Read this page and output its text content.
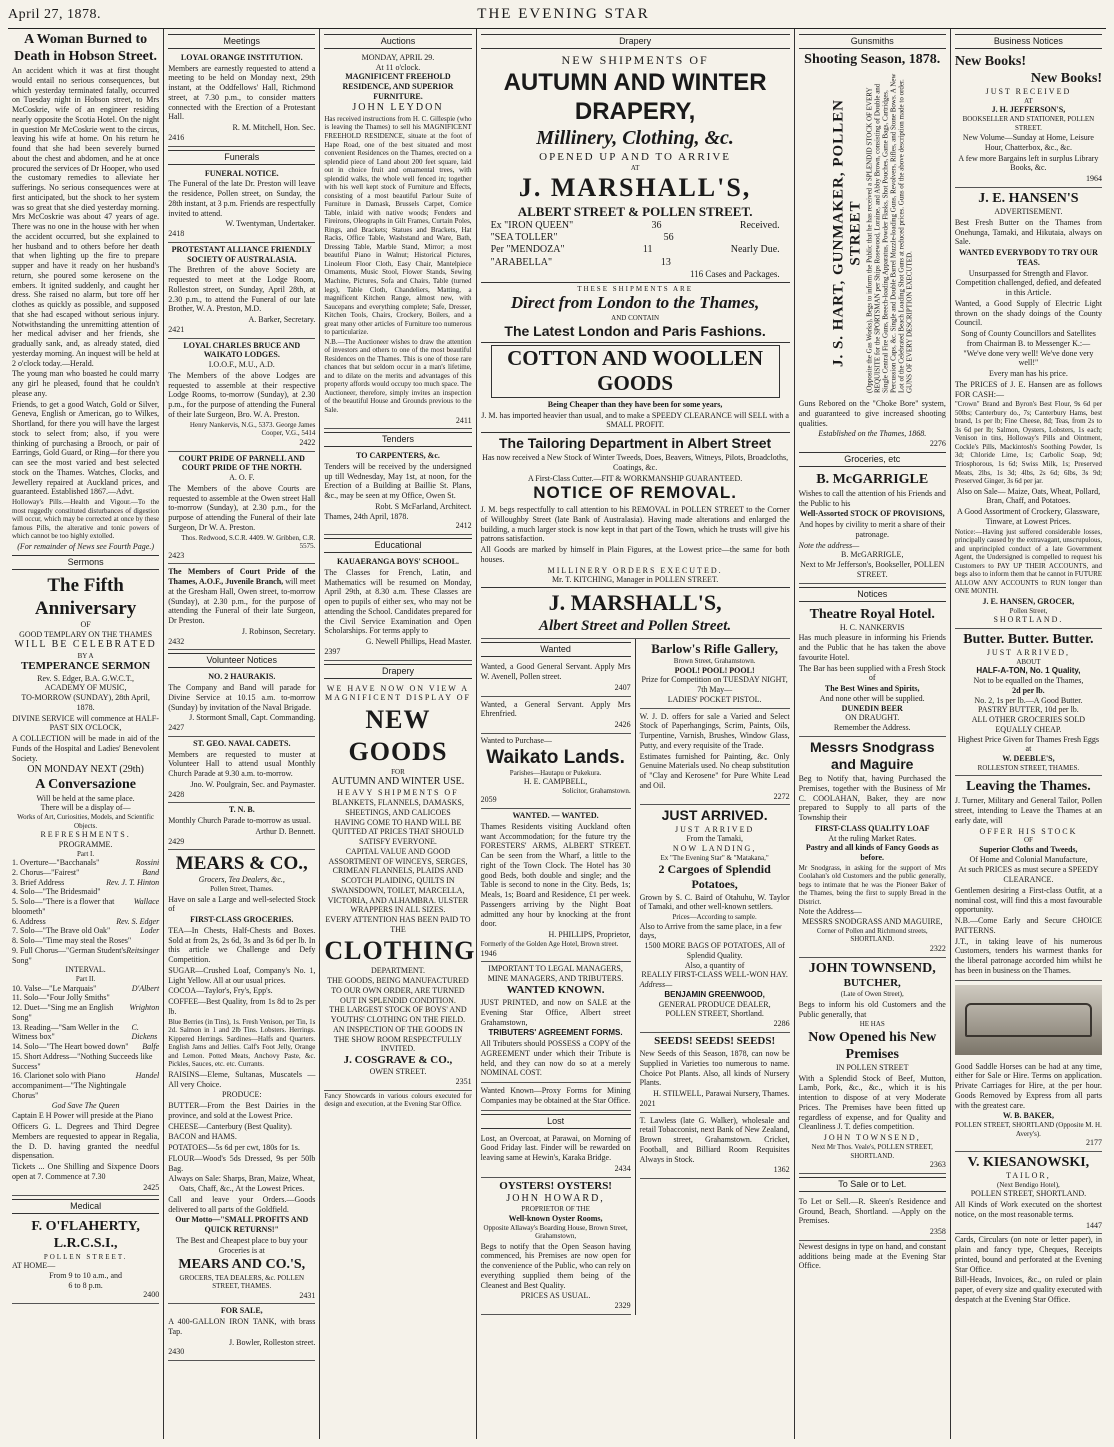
April 27, 1878.	THE EVENING STAR
A Woman Burned to Death in Hobson Street.

An accident which it was at first thought would entail no serious consequences, but which yesterday terminated fatally, occurred on Tuesday night in Hobson street, to Mrs McCoskrie, wife of an engineer residing nearly opposite the Scotia Hotel. On the night in question Mr McCoskrie went to the circus, leaving his wife at home. On his return he found that she had been severely burned about the chest and abdomen, and he at once procured the services of Dr Hooper, who used the customary remedies to alleviate her sufferings. No serious consequences were at first anticipated, but the shock to her system was so great that she died yesterday morning. Mrs McCoskrie was about 47 years of age. There was no one in the house with her when the accident occurred, but she explained to her husband and to others before her death that when lighting up the fire to prepare supper and have it ready on her husband's return, she poured some kerosene on the embers. It ignited suddenly, and caught her dress. She raised no alarm, but tore off her clothes as quickly as possible, and supposed that she had escaped without serious injury. Notwithstanding the unremitting attention of her medical adviser and her friends, she gradually sank, and, as already stated, died yesterday morning. An inquest will be held at 2 o'clock today.—Herald.

The young man who boasted he could marry any girl he pleased, found that he couldn't please any.

Friends, to get a good Watch, Gold or Silver, Geneva, English or American, go to Wilkes, Shortland, for there you will have the largest stock to select from; also, if you were thinking of purchasing a Brooch, or pair of Earrings, Gold Guard, or Ring—for there you can see the most varied and best selected stock on the Thames. Watches, Clocks, and Jewellery repaired at Auckland prices, and guaranteed. Established 1867.—Advt.

Holloway's Pills.—Health and Vigour.—To the most ruggedly constituted disturbances of digestion will occur, which may be corrected at once by these famous Pills, the alterative and tonic powers of which cannot be too highly extolled.

(For remainder of News see Fourth Page.)
Sermons
The Fifth Anniversary
OF
GOOD TEMPLARY ON THE THAMES
WILL BE CELEBRATED
BY A
TEMPERANCE SERMON
Rev. S. Edger, B.A. G.W.C.T.,
ACADEMY OF MUSIC,
TO-MORROW (SUNDAY), 28th April, 1878.

DIVINE SERVICE will commence at HALF-PAST SIX O'CLOCK,

A COLLECTION will be made in aid of the Funds of the Hospital and Ladies' Benevolent Society.

ON MONDAY NEXT (29th)
A Conversazione
Will be held at the same place.
There will be a display of—
Works of Art, Curiosities, Models, and Scientific Objects.
REFRESHMENTS.
PROGRAMME.
Part I.
1. Overture—"Bacchanals"	Rossini
2. Chorus—"Fairest"	Band
3. Brief Address	Rev. J. T. Hinton
4. Solo—"The Bridesmaid"
5. Solo—"There is a flower that bloometh"
Wallace
6. Address	Rev. S. Edger
7. Solo—"The Brave old Oak"	Loder
8. Solo—"Time may steal the Roses"
9. Full Chorus—"German Student's Song"
Reitsinger
INTERVAL.
Part II.
10. Valse—"Le Marquais"	D'Albert
11. Solo—"Four Jolly Smiths"
12. Duet—"Sing me an English Song"
Wrighton
13. Reading—"Sam Weller in the Witness box"
C. Dickens
14. Solo—"The Heart bowed down" Balfe
15. Short Address—"Nothing Succeeds like Success"
16. Clarionet solo with Piano accompaniment—"The Nightingale Chorus"
Handel
God Save The Queen

Captain E H Power will preside at the Piano

Officers G. L. Degrees and Third Degree Members are requested to appear in Regalia, the D. D. having granted the needful dispensation.

Tickets ... One Shilling and Sixpence Doors open at 7. Commence at 7.30

2425
Medical
F. O'FLAHERTY, L.R.C.S.I.,
POLLEN STREET.
AT HOME—
From 9 to 10 a.m., and
6 to 8 p.m.
2400
Meetings
LOYAL ORANGE INSTITUTION.

Members are earnestly requested to attend a meeting to be held on Monday next, 29th instant, at the Oddfellows' Hall, Richmond street, at 7.30 p.m., to consider matters connected with the Erection of a Protestant Hall.

R. M. Mitchell, Hon. Sec.
2416
Funerals
FUNERAL NOTICE.

The Funeral of the late Dr. Preston will leave the residence, Pollen street, on Sunday, the 28th instant, at 3 p.m. Friends are respectfully invited to attend.

W. Twentyman, Undertaker.
2418
PROTESTANT ALLIANCE FRIENDLY SOCIETY OF AUSTRALASIA.

The Brethren of the above Society are requested to meet at the Lodge Room, Rolleston street, on Sunday, April 28th, at 2.30 p.m., to attend the Funeral of our late Brother, W. A. Preston, M.D.

A. Barker, Secretary.
2421
LOYAL CHARLES BRUCE AND WAIKATO LODGES.
I.O.O.F., M.U., A.D.

The Members of the above Lodges are requested to assemble at their respective Lodge Rooms, to-morrow (Sunday), at 2.30 p.m., for the purpose of attending the Funeral of their late Surgeon, Bro. W. A. Preston.

Henry Nankervis, N.G., 5373. George James Cooper, V.G., 5414
2422
COURT PRIDE OF PARNELL AND COURT PRIDE OF THE NORTH.
A. O. F.

The Members of the above Courts are requested to assemble at the Owen street Hall to-morrow (Sunday), at 2.30 p.m., for the purpose of attending the Funeral of their late Surgeon, Dr W. A. Preston.

Thos. Redwood, S.C.R. 4409. W. Gribben, C.R. 5575.
2423

The Members of Court Pride of the Thames, A.O.F., Juvenile Branch, will meet at the Gresham Hall, Owen street, to-morrow (Sunday), at 2.30 p.m., for the purpose of attending the Funeral of their late Surgeon, Dr Preston.

J. Robinson, Secretary.
2432
Volunteer Notices
NO. 2 HAURAKIS.

The Company and Band will parade for Divine Service at 10.15 a.m. to-morrow (Sunday) by invitation of the Naval Brigade.

J. Stormont Small, Capt. Commanding.
2427
ST. GEO. NAVAL CADETS.

Members are requested to muster at Volunteer Hall to attend usual Monthly Church Parade at 9.30 a.m. to-morrow.

Jno. W. Poulgrain, Sec. and Paymaster.
2428
T. N. B.

Monthly Church Parade to-morrow as usual.

Arthur D. Bennett.
2429
MEARS & CO.,
Grocers, Tea Dealers, &c.,
Pollen Street, Thames.

Have on sale a Large and well-selected Stock of

FIRST-CLASS GROCERIES.

TEA—In Chests, Half-Chests and Boxes. Sold at from 2s, 2s 6d, 3s and 3s 6d per lb. In this article we Challenge and Defy Competition.

SUGAR—Crushed Loaf, Company's No. 1, Light Yellow. All at our usual prices.

COCOA—Taylor's, Fry's, Epp's.

COFFEE—Best Quality, from 1s 8d to 2s per lb.

Blue Berries (in Tins), 1s. Fresh Venison, per Tin, 1s 2d. Salmon in 1 and 2lb Tins. Lobsters. Herrings. Kippered Herrings. Sardines—Halfs and Quarters. English Jams and Jellies. Calf's Foot Jelly, Orange and Lemon. Potted Meats, Anchovy Paste, &c. Pickles, Sauces, etc. etc. Currants.

RAISINS—Eleme, Sultanas, Muscatels — All very Choice.

PRODUCE:

BUTTER—From the Best Dairies in the province, and sold at the Lowest Price.

CHEESE—Canterbury (Best Quality).

BACON and HAMS.

POTATOES—5s 6d per cwt, 180s for 1s.

FLOUR—Wood's 5ds Dressed, 9s per 50lb Bag.

Always on Sale: Sharps, Bran, Maize, Wheat, Oats, Chaff, &c., At the Lowest Prices.

Call and leave your Orders.—Goods delivered to all parts of the Goldfield.

Our Motto—"SMALL PROFITS AND QUICK RETURNS!"

The Best and Cheapest place to buy your Groceries is at

MEARS AND CO.'S,
GROCERS, TEA DEALERS, &c. POLLEN STREET, THAMES.
2431
FOR SALE,

A 400-GALLON IRON TANK, with brass Tap.

J. Bowler, Rolleston street.
2430
Auctions
MONDAY, APRIL 29.
At 11 o'clock.
MAGNIFICENT FREEHOLD RESIDENCE, AND SUPERIOR FURNITURE.
JOHN LEYDON

Has received instructions from H. C. Gillespie (who is leaving the Thames) to sell his MAGNIFICENT FREEHOLD RESIDENCE, situate at the foot of Hape Road, one of the best situated and most convenient Residences on the Thames, erected on a splendid piece of Land about 200 feet square, laid out in choice fruit and ornamental trees, with splendid walks, the whole well fenced in; together with his well kept stock of Furniture and Effects, consisting of a most beautiful Parlour Suite of Furniture in Damask, Brussels Carpet, Cornice Table, inlaid with native woods; Fenders and Fireirons, Oleographs in Gilt Frames, Curtain Poles, Rings, and Brackets; Statues and Brackets, Hat Racks, Office Table, Washstand and Ware, Bath, Dressing Table, Marble Stand, Mirror; a most beautiful Piano in Walnut; Historical Pictures, Linoleum Floor Cloth, Easy Chair, Mantelpiece Ornaments, Music Stool, Flower Stands, Sewing Machine, Pictures, Sofa and Chairs, Table (turned legs), Table Cloth, Chandeliers, Matting, a magnificent Kitchen Range, almost new, with Saucepans and everything complete; Safe, Dresser, Kitchen Tools, Chairs, Crockery, Boilers, and a great many other articles of Furniture too numerous to particularize.

N.B.—The Auctioneer wishes to draw the attention of investors and others to one of the most beautiful Residences on the Thames. This is one of those rare chances that but seldom occur in a man's lifetime, and to dilate on the merits and advantages of this property affords would occupy too much space. The Auctioneer, therefore, simply invites an inspection of the beautiful House and Grounds previous to the Sale.

2411
Tenders
TO CARPENTERS, &c.

Tenders will be received by the undersigned up till Wednesday, May 1st, at noon, for the Erection of a Building at Baillie St. Plans, &c., may be seen at my Office, Owen St.

Robt. S McFarland, Architect.
Thames, 24th April, 1878.
2412
Educational
KAUAERANGA BOYS' SCHOOL.

The Classes for French, Latin, and Mathematics will be resumed on Monday, April 29th, at 8.30 a.m. These Classes are open to pupils of either sex, who may not be attending the School. Candidates prepared for the Civil Service Examination and Open Scholarships. For terms apply to

G. Newell Phillips, Head Master.
2397
Drapery

WE HAVE NOW ON VIEW A MAGNIFICENT DISPLAY OF

NEW GOODS
FOR
AUTUMN AND WINTER USE.
HEAVY SHIPMENTS OF
BLANKETS, FLANNELS, DAMASKS, SHEETINGS, AND CALICOES
HAVING COME TO HAND WILL BE QUITTED AT PRICES THAT SHOULD SATISFY EVERYONE.
CAPITAL VALUE AND GOOD ASSORTMENT OF WINCEYS, SERGES, CRIMEAN FLANNELS, PLAIDS AND SCOTCH PLAIDING, QUILTS IN SWANSDOWN, TOILET, MARCELLA, VICTORIA, AND ALHAMBRA. ULSTER WRAPPERS IN ALL SIZES.
EVERY ATTENTION HAS BEEN PAID TO THE
CLOTHING
DEPARTMENT.
THE GOODS, BEING MANUFACTURED TO OUR OWN ORDER, ARE TURNED OUT IN SPLENDID CONDITION.
THE LARGEST STOCK OF BOYS' AND YOUTHS' CLOTHING ON THE FIELD.
AN INSPECTION OF THE GOODS IN THE SHOW ROOM RESPECTFULLY INVITED.
J. COSGRAVE & CO.,
OWEN STREET.
2351

Fancy Showcards in various colours executed for design and execution, at the Evening Star Office.

Drapery
NEW SHIPMENTS OF
AUTUMN AND WINTER DRAPERY,
Millinery, Clothing, &c.
OPENED UP AND TO ARRIVE
AT
J. MARSHALL'S,
ALBERT STREET & POLLEN STREET.
Ex "IRON QUEEN"	36	Received.
"SEA TOLLER"	56
Per "MENDOZA"	11	Nearly Due.
"ARABELLA"	13
116 Cases and Packages.
THESE SHIPMENTS ARE
Direct from London to the Thames,
AND CONTAIN
The Latest London and Paris Fashions.
COTTON AND WOOLLEN GOODS
Being Cheaper than they have been for some years,

J. M. has imported heavier than usual, and to make a SPEEDY CLEARANCE will SELL with a SMALL PROFIT.

The Tailoring Department in Albert Street

Has now received a New Stock of Winter Tweeds, Does, Beavers, Witneys, Pilots, Broadcloths, Coatings, &c.

A First-Class Cutter.—FIT & WORKMANSHIP GUARANTEED.
NOTICE OF REMOVAL.

J. M. begs respectfully to call attention to his REMOVAL in POLLEN STREET to the Corner of Willoughby Street (late Bank of Australasia). Having made alterations and enlarged the building, a much larger stock is now kept in that part of the Town, which he trusts will give his patrons satisfaction.

All Goods are marked by himself in Plain Figures, at the Lowest price—the same for both houses.

MILLINERY ORDERS EXECUTED.
Mr. T. KITCHING, Manager in POLLEN STREET.
J. MARSHALL'S,
Albert Street and Pollen Street.
Wanted

Wanted, a Good General Servant. Apply Mrs W. Avenell, Pollen street.

2407

Wanted, a General Servant. Apply Mrs Ehrenfried.

2426
Wanted to Purchase—
Waikato Lands.
Parishes—Hautapu or Pukekura.
H. E. CAMPBELL,
Solicitor, Grahamstown.
2059
WANTED. — WANTED.

Thames Residents visiting Auckland often want Accommodation; for the future try the FORESTERS' ARMS, ALBERT STREET. Can be seen from the Wharf, a little to the right of the Town Clock. The Hotel has 30 good Beds, both double and single; and the Table is second to none in the City. Beds, 1s; Meals, 1s; Board and Residence, £1 per week. Passengers arriving by the Night Boat admitted any hour by knocking at the front door.

H. PHILLIPS, Proprietor,
Formerly of the Golden Age Hotel, Brown street.
1946
IMPORTANT TO LEGAL MANAGERS, MINE MANAGERS, AND TRIBUTERS.
WANTED KNOWN.

JUST PRINTED, and now on SALE at the Evening Star Office, Albert street Grahamstown,

TRIBUTERS' AGREEMENT FORMS.

All Tributers should POSSESS a COPY of the AGREEMENT under which their Tribute is held, and they can now do so at a merely NOMINAL COST.

Wanted Known—Proxy Forms for Mining Companies may be obtained at the Star Office.

Lost

Lost, an Overcoat, at Parawai, on Morning of Good Friday last. Finder will be rewarded on leaving same at Hewin's, Karaka Bridge.

2434
OYSTERS! OYSTERS!
JOHN HOWARD,
PROPRIETOR OF THE
Well-known Oyster Rooms,
Opposite Allaway's Boarding House, Brown Street, Grahamstown,

Begs to notify that the Open Season having commenced, his Premises are now open for the convenience of the Public, who can rely on everything supplied them being of the Cleanest and Best Quality.

PRICES AS USUAL.
2329
Barlow's Rifle Gallery,
Brown Street, Grahamstown.
POOL! POOL! POOL!
Prize for Competition on TUESDAY NIGHT, 7th May—
LADIES' POCKET PISTOL.

W. J. D. offers for sale a Varied and Select Stock of Paperhangings, Scrim, Paints, Oils, Turpentine, Varnish, Brushes, Window Glass, Putty, and every requisite of the Trade.

Estimates furnished for Painting, &c. Only Genuine Materials used. No cheap substitution of "Clay and Kerosene" for Pure White Lead and Oil.

2272
JUST ARRIVED.
JUST ARRIVED
From the Tamaki,
NOW LANDING,
Ex "The Evening Star" & "Matakana,"
2 Cargoes of Splendid Potatoes,

Grown by S. C. Baird of Otahuhu, W. Taylor of Tamaki, and other well-known settlers.

Prices—According to sample.
Also to Arrive from the same place, in a few days,
1500 MORE BAGS OF POTATOES, All of Splendid Quality.
Also, a quantity of
REALLY FIRST-CLASS WELL-WON HAY.
Address—
BENJAMIN GREENWOOD,
GENERAL PRODUCE DEALER,
POLLEN STREET, Shortland.
2286
SEEDS! SEEDS! SEEDS!

New Seeds of this Season, 1878, can now be Supplied in Varieties too numerous to name. Choice Pot Plants. Also, all kinds of Nursery Plants.

H. STILWELL, Parawai Nursery, Thames.
2021

T. Lawless (late G. Walker), wholesale and retail Tobacconist, next Bank of New Zealand, Brown street, Grahamstown. Cricket, Football, and Billiard Room Requisites Always in Stock.

1362
Gunsmiths
Shooting Season, 1878.
J. S. HART, GUNMAKER, POLLEN STREET (Opposite the Gas Works), Begs to inform the Public that he has received a SPLENDID STOCK OF EVERY REQUISITE for the SPORTSMAN per Ships Rosewood, Loraine, and Abby Brown, consisting of Double and Single Central Fire Guns, Breech-loading Apparatus, Powder Flasks, Shot Pouches, Game Bags, Cartridges, Percussion Caps, &c. Single and Double Barrel Muzzle-loading Guns, Revolvers, Rifles, and Stone Bows. A New Lot of the Celebrated Beach Loading Shot Guns at reduced prices. Guns of the above description made to order. GUNS OF EVERY DESCRIPTION EXECUTED.

Guns Rebored on the "Choke Bore" system, and guaranteed to give increased shooting qualities.

Established on the Thames, 1868.
2276
Groceries, etc
B. McGARRIGLE

Wishes to call the attention of his Friends and the Public to his

Well-Assorted STOCK OF PROVISIONS,

And hopes by civility to merit a share of their patronage.

Note the address—
B. McGARRIGLE,
Next to Mr Jefferson's, Bookseller, POLLEN STREET.
Notices
Theatre Royal Hotel.
H. C. NANKERVIS

Has much pleasure in informing his Friends and the Public that he has taken the above favourite Hotel.

The Bar has been supplied with a Fresh Stock of

The Best Wines and Spirits,
And none other will be supplied.
DUNEDIN BEER
ON DRAUGHT.
Remember the Address.
Messrs Snodgrass and Maguire

Beg to Notify that, having Purchased the Premises, together with the Business of Mr C. COOLAHAN, Baker, they are now prepared to Supply to all parts of the Township their

FIRST-CLASS QUALITY LOAF
At the ruling Market Rates.
Pastry and all kinds of Fancy Goods as before.

Mr Snodgrass, in asking for the support of Mrs Coolahan's old Customers and the public generally, begs to intimate that he was the Pioneer Baker of the Thames, being the first to supply Bread in the District.

Note the Address—
MESSRS SNODGRASS AND MAGUIRE,
Corner of Pollen and Richmond streets, SHORTLAND.
2322
JOHN TOWNSEND,
BUTCHER,
(Late of Owen Street),

Begs to inform his old Customers and the Public generally, that

HE HAS
Now Opened his New Premises
IN POLLEN STREET

With a Splendid Stock of Beef, Mutton, Lamb, Pork, &c., &c., which it is his intention to dispose of at very Moderate Prices. The Premises have been fitted up regardless of expense, and for Quality and Cleanliness J. T. defies competition.

JOHN TOWNSEND,
Next Mr Thos. Veale's, POLLEN STREET, SHORTLAND.
2363
To Sale or to Let.

To Let or Sell.—R. Skeen's Residence and Ground, Beach, Shortland. —Apply on the Premises.

2358

Newest designs in type on hand, and constant additions being made at the Evening Star Office.

Business Notices
New Books!
New Books!
JUST RECEIVED
AT
J. H. JEFFERSON'S,
BOOKSELLER AND STATIONER, POLLEN STREET.

New Volume—Sunday at Home, Leisure Hour, Chatterbox, &c., &c.

A few more Bargains left in surplus Library Books, &c.

1964
J. E. HANSEN'S
ADVERTISEMENT.

Best Fresh Butter on the Thames from Onehunga, Tamaki, and Hikutaia, always on Sale.

WANTED EVERYBODY TO TRY OUR TEAS.

Unsurpassed for Strength and Flavor. Competition challenged, defied, and defeated in this Article.

Wanted, a Good Supply of Electric Light thrown on the shady doings of the County Council.

Song of County Councillors and Satellites from Chairman B. to Messenger K.:— "We've done very well! We've done very well!"

Every man has his price.

The PRICES of J. E. Hansen are as follows FOR CASH:—

"Crown" Brand and Byron's Best Flour, 9s 6d per 50lbs; Canterbury do., 7s; Canterbury Hams, best brand, 1s per lb; Fine Cheese, 8d; Teas, from 2s to 3s 6d per lb; Salmon, Oysters, Lobsters, 1s each; Venison in tins, Holloway's Pills and Ointment, Cockle's Pills, Mackintosh's Soothing Powder, 1s 3d; Chloride Lime, 1s; Carbolic Soap, 9d; Triosphorous, 1s 6d; Swiss Milk, 1s; Preserved Meats, 2lbs, 1s 3d; 4lbs, 2s 6d; 6lbs, 3s 9d; Preserved Ginger, 3s 6d per jar.

Also on Sale— Maize, Oats, Wheat, Pollard, Bran, Chaff, and Potatoes.

A Good Assortment of Crockery, Glassware, Tinware, at Lowest Prices.

Notice:—Having just suffered considerable losses, principally caused by the extravagant, unscrupulous, and unprincipled conduct of a late Government Agent, the Undersigned is compelled to request his Customers to PAY UP THEIR ACCOUNTS, and begs also to inform them that he cannot in FUTURE ALLOW ANY ACCOUNTS to RUN longer than ONE MONTH.

J. E. HANSEN, GROCER,
Pollen Street,
SHORTLAND.
Butter. Butter. Butter.
JUST ARRIVED,
ABOUT
HALF-A-TON, No. 1 Quality,
Not to be equalled on the Thames,
2d per lb.
No. 2, 1s per lb.—A Good Butter.
PASTRY BUTTER, 10d per lb.
ALL OTHER GROCERIES SOLD EQUALLY CHEAP.
Highest Price Given for Thames Fresh Eggs at
W. DEEBLE'S,
ROLLESTON STREET, THAMES.
Leaving the Thames.

J. Turner, Military and General Tailor, Pollen street, intending to Leave the Thames at an early date, will

OFFER HIS STOCK
OF
Superior Cloths and Tweeds,
Of Home and Colonial Manufacture,

At such PRICES as must secure a SPEEDY CLEARANCE.

Gentlemen desiring a First-class Outfit, at a nominal cost, will find this a most favourable opportunity.

N.B.—Come Early and Secure CHOICE PATTERNS.

J.T., in taking leave of his numerous Customers, tenders his warmest thanks for the liberal patronage accorded him whilst he has been in business on the Thames.

Good Saddle Horses can be had at any time, either for Sale or Hire. Terms on application. Private Carriages for Hire, at the per hour. Goods Removed by Express from all parts with the greatest care.

W. B. BAKER,
POLLEN STREET, SHORTLAND (Opposite M. H. Avery's).
2177
V. KIESANOWSKI,
TAILOR,
(Next Bendigo Hotel),
POLLEN STREET, SHORTLAND.

All Kinds of Work executed on the shortest notice, on the most reasonable terms.

1447

Cards, Circulars (on note or letter paper), in plain and fancy type, Cheques, Receipts printed, bound and perforated at the Evening Star Office.

Bill-Heads, Invoices, &c., on ruled or plain paper, of every size and quality executed with despatch at the Evening Star Office.
